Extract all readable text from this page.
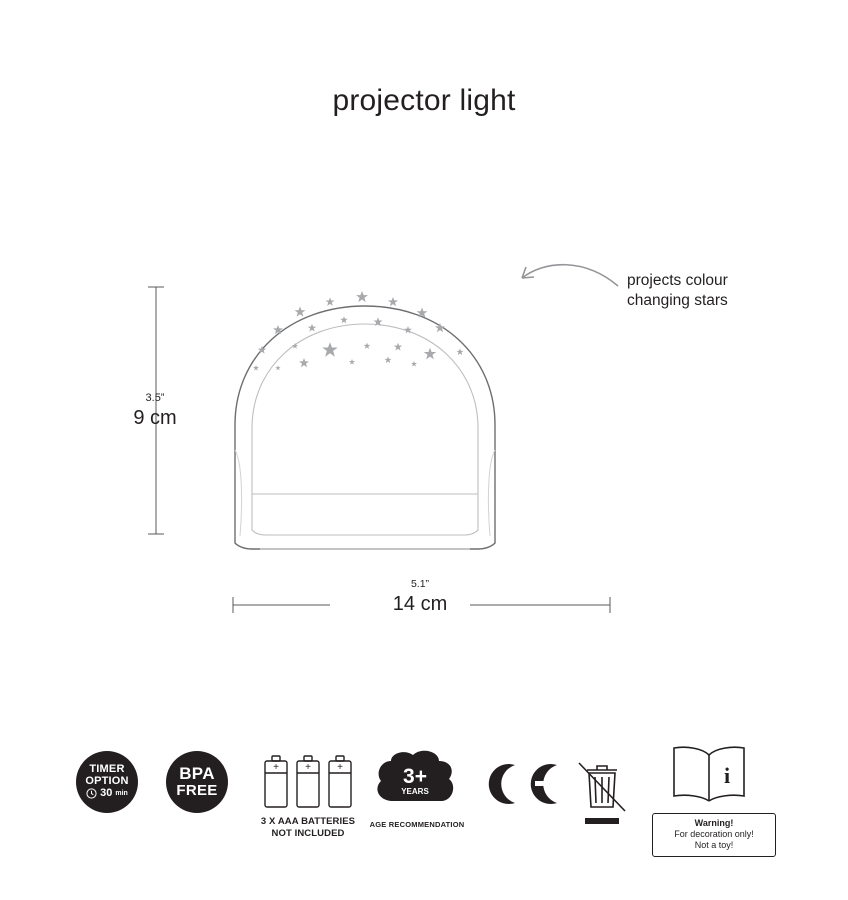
projector light
projects colour
changing stars
3.5”
9 cm
5.1”
14 cm
TIMER
OPTION
30 min
BPA
FREE
+	+	+
3 X AAA BATTERIES
NOT INCLUDED
3+
YEARS
AGE RECOMMENDATION
i
Warning!
For decoration only!
Not a toy!
